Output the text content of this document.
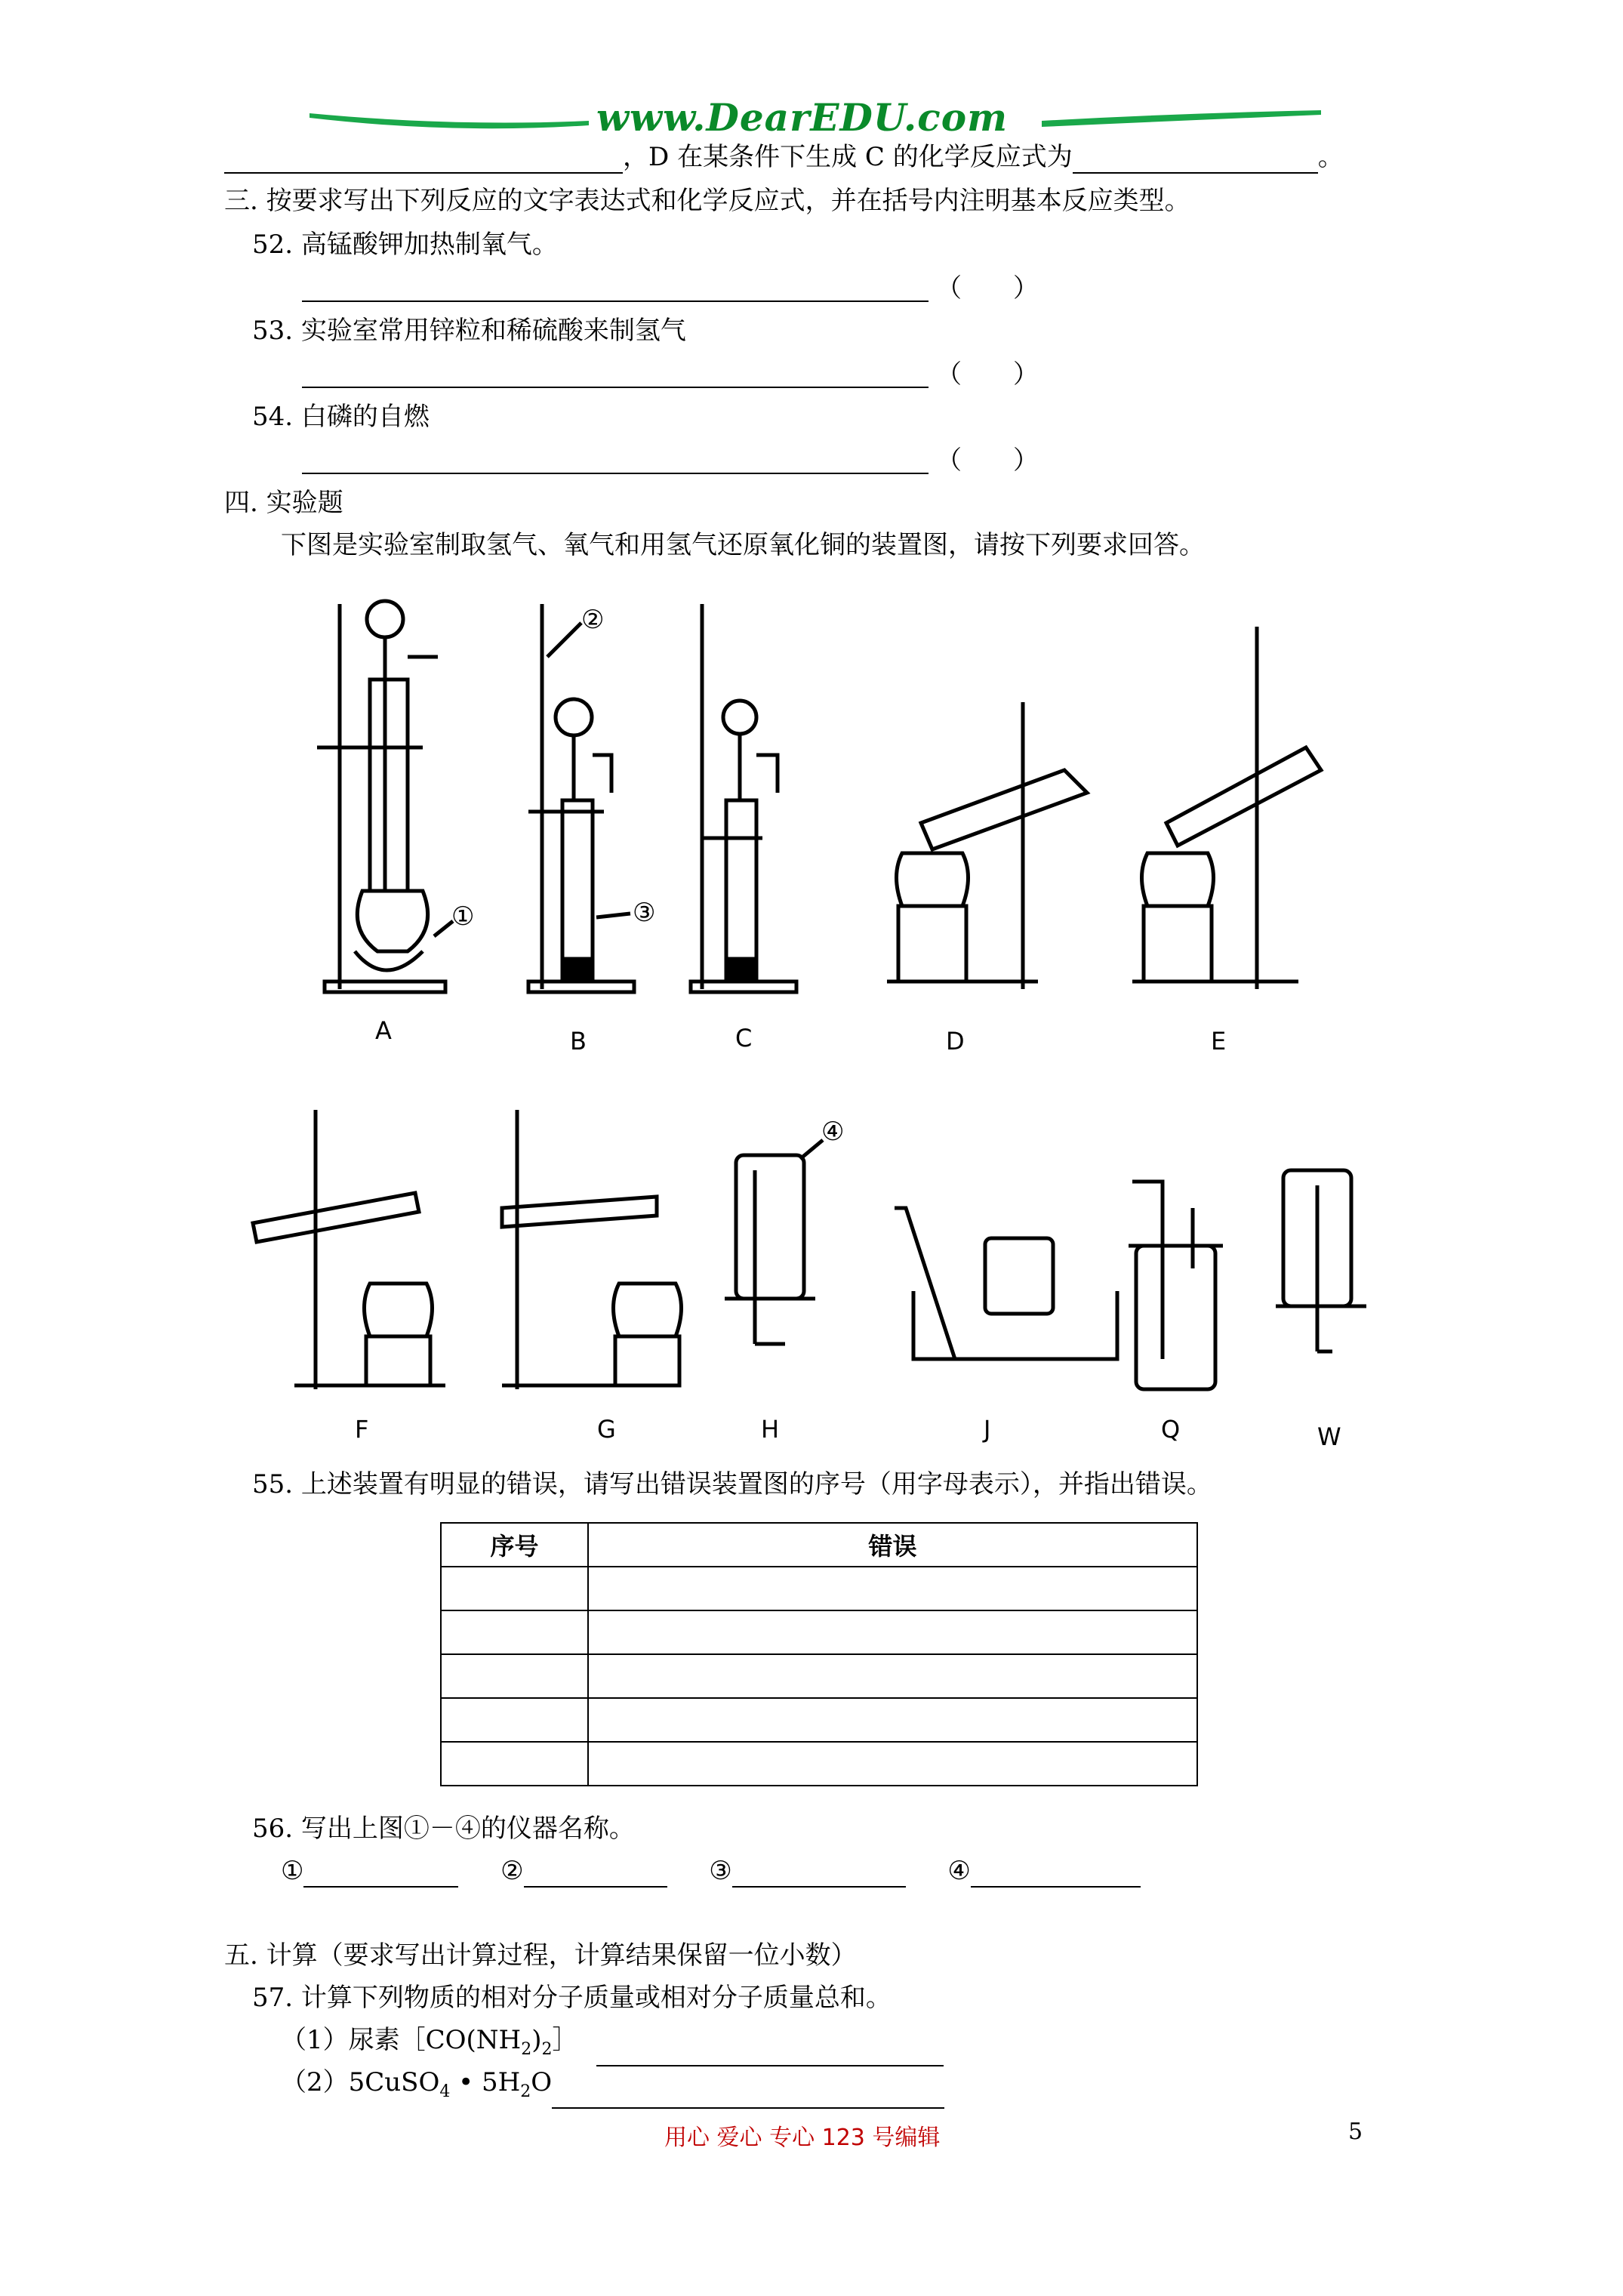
www.DearEDU.com
，D 在某条件下生成 C 的化学反应式为	。
三. 按要求写出下列反应的文字表达式和化学反应式，并在括号内注明基本反应类型。
52. 高锰酸钾加热制氧气。
（　　）
53. 实验室常用锌粒和稀硫酸来制氢气
（　　）
54. 白磷的自燃
（　　）
四. 实验题
下图是实验室制取氢气、氧气和用氢气还原氧化铜的装置图，请按下列要求回答。
①
②
③
④
A	B	C	D	E
F	G	H	J	Q	W
55. 上述装置有明显的错误，请写出错误装置图的序号（用字母表示），并指出错误。
序号	错误

56. 写出上图①－④的仪器名称。
①	②	③	④
五. 计算（要求写出计算过程，计算结果保留一位小数）
57. 计算下列物质的相对分子质量或相对分子质量总和。
（1）尿素$[CO(NH_2)_2]$
（2）5CuSO$_4$ • $5H_2O$
用心 爱心 专心 123 号编辑	5
